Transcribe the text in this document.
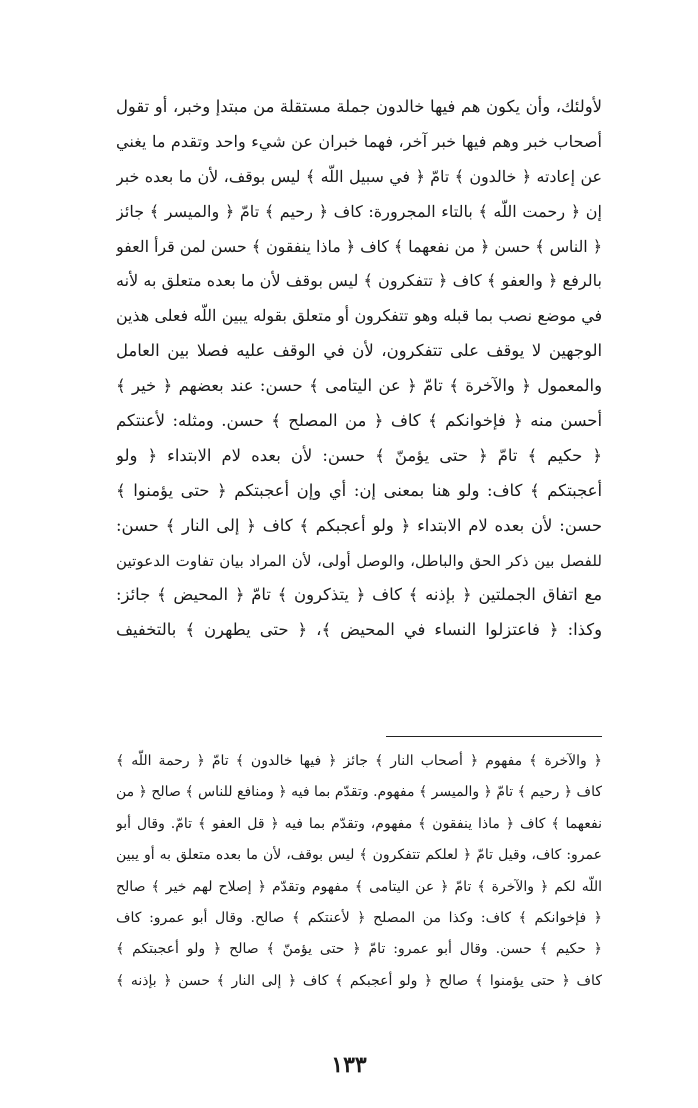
لأولئك، وأن يكون هم فيها خالدون جملة مستقلة من مبتدإ وخبر، أو تقول
أصحاب خبر وهم فيها خبر آخر، فهما خبران عن شيء واحد وتقدم ما يغني
عن إعادته ﴿ خالدون ﴾ تامّ ﴿ في سبيل اللّه ﴾ ليس بوقف، لأن ما بعده خبر
إن ﴿ رحمت اللّه ﴾ بالتاء المجرورة: كاف ﴿ رحيم ﴾ تامّ ﴿ والميسر ﴾ جائز
﴿ الناس ﴾ حسن ﴿ من نفعهما ﴾ كاف ﴿ ماذا ينفقون ﴾ حسن لمن قرأ العفو
بالرفع ﴿ والعفو ﴾ كاف ﴿ تتفكرون ﴾ ليس بوقف لأن ما بعده متعلق به لأنه
في موضع نصب بما قبله وهو تتفكرون أو متعلق بقوله يبين اللّه فعلى هذين
الوجهين لا يوقف على تتفكرون، لأن في الوقف عليه فصلا بين العامل
والمعمول ﴿ والآخرة ﴾ تامّ ﴿ عن اليتامى ﴾ حسن: عند بعضهم ﴿ خير ﴾
أحسن منه ﴿ فإخوانكم ﴾ كاف ﴿ من المصلح ﴾ حسن. ومثله: لأعنتكم
﴿ حكيم ﴾ تامّ ﴿ حتى يؤمنّ ﴾ حسن: لأن بعده لام الابتداء ﴿ ولو
أعجبتكم ﴾ كاف: ولو هنا بمعنى إن: أي وإن أعجبتكم ﴿ حتى يؤمنوا ﴾
حسن: لأن بعده لام الابتداء ﴿ ولو أعجبكم ﴾ كاف ﴿ إلى النار ﴾ حسن:
للفصل بين ذكر الحق والباطل، والوصل أولى، لأن المراد بيان تفاوت الدعوتين
مع اتفاق الجملتين ﴿ بإذنه ﴾ كاف ﴿ يتذكرون ﴾ تامّ ﴿ المحيض ﴾ جائز:
وكذا: ﴿ فاعتزلوا النساء في المحيض ﴾، ﴿ حتى يطهرن ﴾ بالتخفيف
﴿ والآخرة ﴾ مفهوم ﴿ أصحاب النار ﴾ جائز ﴿ فيها خالدون ﴾ تامّ ﴿ رحمة اللّه ﴾
كاف ﴿ رحيم ﴾ تامّ ﴿ والميسر ﴾ مفهوم. وتقدّم بما فيه ﴿ ومنافع للناس ﴾ صالح ﴿ من
نفعهما ﴾ كاف ﴿ ماذا ينفقون ﴾ مفهوم، وتقدّم بما فيه ﴿ قل العفو ﴾ تامّ. وقال أبو
عمرو: كاف، وقيل تامّ ﴿ لعلكم تتفكرون ﴾ ليس بوقف، لأن ما بعده متعلق به أو يبين
اللّه لكم ﴿ والآخرة ﴾ تامّ ﴿ عن اليتامى ﴾ مفهوم وتقدّم ﴿ إصلاح لهم خير ﴾ صالح
﴿ فإخوانكم ﴾ كاف: وكذا من المصلح ﴿ لأعنتكم ﴾ صالح. وقال أبو عمرو: كاف
﴿ حكيم ﴾ حسن. وقال أبو عمرو: تامّ ﴿ حتى يؤمنّ ﴾ صالح ﴿ ولو أعجبتكم ﴾
كاف ﴿ حتى يؤمنوا ﴾ صالح ﴿ ولو أعجبكم ﴾ كاف ﴿ إلى النار ﴾ حسن ﴿ بإذنه ﴾
١٣٣
